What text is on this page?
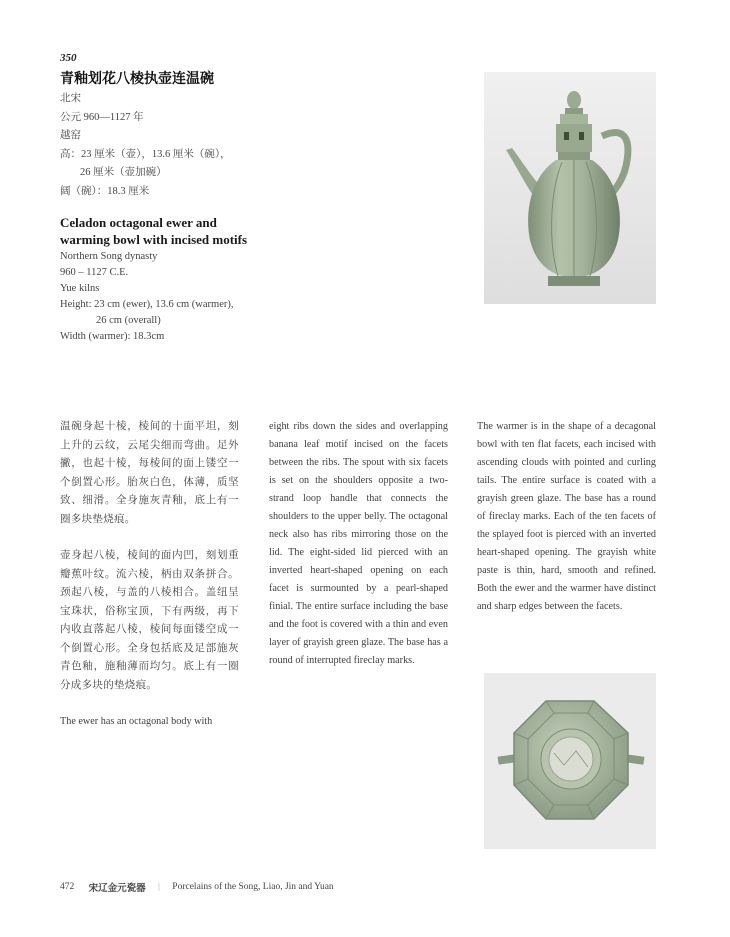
350
青釉划花八棱执壶连温碗
北宋
公元 960—1127 年
越窑
高：23 厘米（壶），13.6 厘米（碗），
26 厘米（壶加碗）
阔（碗）：18.3 厘米
Celadon octagonal ewer and
warming bowl with incised motifs
Northern Song dynasty
960 – 1127 C.E.
Yue kilns
Height: 23 cm (ewer), 13.6 cm (warmer),
26 cm (overall)
Width (warmer): 18.3cm
温碗身起十棱，棱间的十面平坦，刻上升的云纹，云尾尖细而弯曲。足外撇，也起十棱，每棱间的面上镂空一个倒置心形。胎灰白色，体薄，质坚致、细滑。全身施灰青釉，底上有一圈多块垫烧痕。
壶身起八棱，棱间的面内凹，刻划重瓣蕉叶纹。流六棱，柄由双条拼合。颈起八棱，与盖的八棱相合。盖纽呈宝珠状，俗称宝顶，下有两级，再下内收直落起八棱，棱间每面镂空成一个倒置心形。全身包括底及足部施灰青色釉，施釉薄而均匀。底上有一圈分成多块的垫烧痕。
The ewer has an octagonal body with
eight ribs down the sides and overlapping banana leaf motif incised on the facets between the ribs. The spout with six facets is set on the shoulders opposite a two-strand loop handle that connects the shoulders to the upper belly. The octagonal neck also has ribs mirroring those on the lid. The eight-sided lid pierced with an inverted heart-shaped opening on each facet is surmounted by a pearl-shaped finial. The entire surface including the base and the foot is covered with a thin and even layer of grayish green glaze. The base has a round of interrupted fireclay marks.
The warmer is in the shape of a decagonal bowl with ten flat facets, each incised with ascending clouds with pointed and curling tails. The entire surface is coated with a grayish green glaze. The base has a round of fireclay marks. Each of the ten facets of the splayed foot is pierced with an inverted heart-shaped opening. The grayish white paste is thin, hard, smooth and refined. Both the ewer and the warmer have distinct and sharp edges between the facets.
472 宋辽金元瓷器 | Porcelains of the Song, Liao, Jin and Yuan
